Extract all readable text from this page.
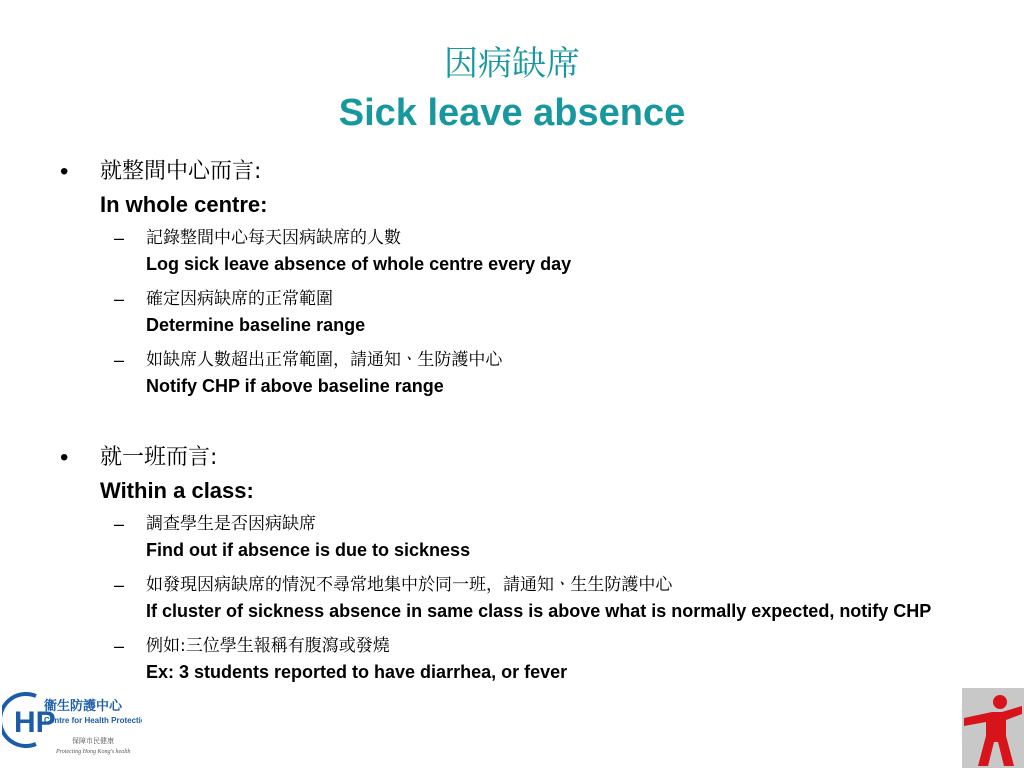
因病缺席
Sick leave absence
• 就整間中心而言:
In whole centre:
– 記錄整間中心每天因病缺席的人數
Log sick leave absence of whole centre every day
– 確定因病缺席的正常範圍
Determine baseline range
– 如缺席人數超出正常範圍，請通知ㆍ生防護中心
Notify CHP if above baseline range
• 就一班而言:
Within a class:
– 調查學生是否因病缺席
Find out if absence is due to sickness
– 如發現因病缺席的情況不尋常地集中於同一班，請通知ㆍ生生防護中心
If cluster of sickness absence in same class is above what is normally expected, notify CHP
– 例如:三位學生報稱有腹瀉或發燒
Ex: 3 students reported to have diarrhea, or fever
HP
衞生防護中心
Centre for Health Protection
保障市民健康
Protecting Hong Kong's health
